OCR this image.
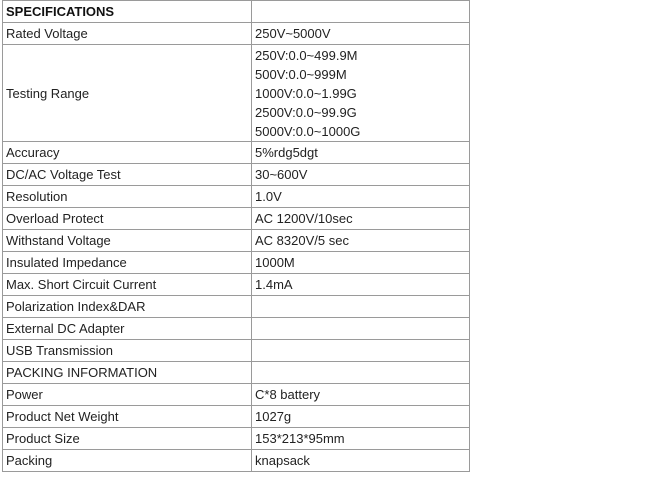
SPECIFICATIONS	
Rated Voltage	250V~5000V
Testing Range	250V:0.0~499.9M
500V:0.0~999M
1000V:0.0~1.99G
2500V:0.0~99.9G
5000V:0.0~1000G

Accuracy	5%rdg5dgt
DC/AC Voltage Test	30~600V
Resolution	1.0V
Overload Protect	AC 1200V/10sec
Withstand Voltage	AC 8320V/5 sec
Insulated Impedance	1000M
Max. Short Circuit Current	1.4mA
Polarization Index&DAR	
External DC Adapter	
USB Transmission	
PACKING INFORMATION	
Power	C*8 battery
Product Net Weight	1027g
Product Size	153*213*95mm
Packing	knapsack
